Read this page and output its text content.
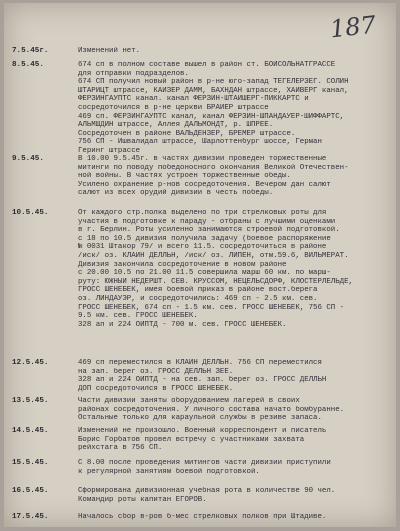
187
7.5.45г.	Изменений нет.
8.5.45.	674 сп в полном составе вышел в район ст. БОЙСОЛЬНАТГРАССЕ
для отправки подразделов.
674 СП получил новый район в р-не юго-запад ТЕГЕЛЕРЗЕГ. СОЛИН
ШТАРИЦТ штрассе, КАЙЗЕР ДАММ, БАХНДАН штрассе, ХАЙВЕРГ канал,
ФЕРЗИНГАУПТС канал. канал ФЕРЗИН-ШТАЙШЕРГ-ПИККАРТС и
сосредоточился в р-не церкви БРАЙЕР штрассе
469 сп. ФЕРЗИНГАУПТС канал, канал ФЕРЗИН-ШПАНДАУЕР-ШИФФАРТС,
АЛЬМШДИН штрассе, Аллея ДАЛЬМОНДТ, р. ШПРЕЕ.
Сосредоточен в районе ВАЛЬДЕНЗЕР, БРЕМЕР штрассе.
756 СП - Ишвалидал штрассе, Шарлоттенбург шоссе, Герман
Геринг штрассе
9.5.45.	В 10.00 9.5.45г. в частях дивизии проведен торжественные
митинги по поводу победоносного окончания Великой Отечествен-
ной войны. В частях устроен торжественные обеды.
Усилено охранение р-нов сосредоточения. Вечером дан салют
салют из всех орудий дивизии в честь победы.
10.5.45.	От каждого стр.полка выделено по три стрелковых роты для
участия в подготовке к параду - отбраны с лучшими оценками
в г. Берлин. Роты усиленно занимаются строевой подготовкой.
с 18 по 10.5 дивизия получила задачу (боевое распоряжение
№ 0031 Штакор 79/ и всего 11.5. сосредоточиться в районе
/иск/ оз. КЛАЙН ДЕЛЛЬН, /иск/ оз. ЛИПЕН, отм.59.6, ВИЛЬМЕРАТ.
Дивизия закончила сосредоточение в новом районе
с 20.00 10.5 по 21.00 11.5 совершила марш 60 км. по марш-
руту: ЮЖНЫЙ НЕДЕРШТ. СЕВ. КРУССОМ, НЕЦЕЛЬСДОРФ, КЛОСТЕРЛЕЛЬДЕ,
ГРОСС ШЕНЕБЕК, имея боевой приказ в районе вост.берега
оз. ЛИНДАУЭР, и сосредоточились: 469 сп - 2.5 км. сев.
ГРОСС ШЕНЕБЕК, 674 сп - 1.5 км. сев. ГРОСС ШЕНЕБЕК, 756 СП -
9.5 км. сев. ГРОСС ШЕНЕБЕК.
328 ап и 224 ОИПТД - 700 м. сев. ГРОСС ШЕНЕБЕК.
12.5.45.	469 сп переместился в КЛАЙН ДЕЛЛЬН. 756 СП переместился
на зап. берег оз. ГРОСС ДЕЛЛЬН ЗЕЕ.
328 ап и 224 ОИПТД - на сев. зап. берег оз. ГРОСС ДЕЛЛЬН
ДОП сосредоточился в ГРОСС ШЕНЕБЕК.
13.5.45.	Части дивизии заняты оборудованием лагерей в своих
районах сосредоточения. У личного состава начато бомбуранне.
Остальные только для караульной службы в резиве запаса.
14.5.45.	Изменений не произошло. Военный корреспондент и писатель
Борис Горбатов провел встречу с участниками захвата
рейхстага в 756 СП.
15.5.45.	С 8.00 после проведения митингов части дивизии приступили
к регулярной занятиям боевой подготовкой.
16.5.45.	Сформирована дивизионная учебная рота в количестве 90 чел.
Командир роты капитан ЕГОРОВ.
17.5.45.	Началось сбор в-ров б-мес стрелковых полков при Штадиве.
